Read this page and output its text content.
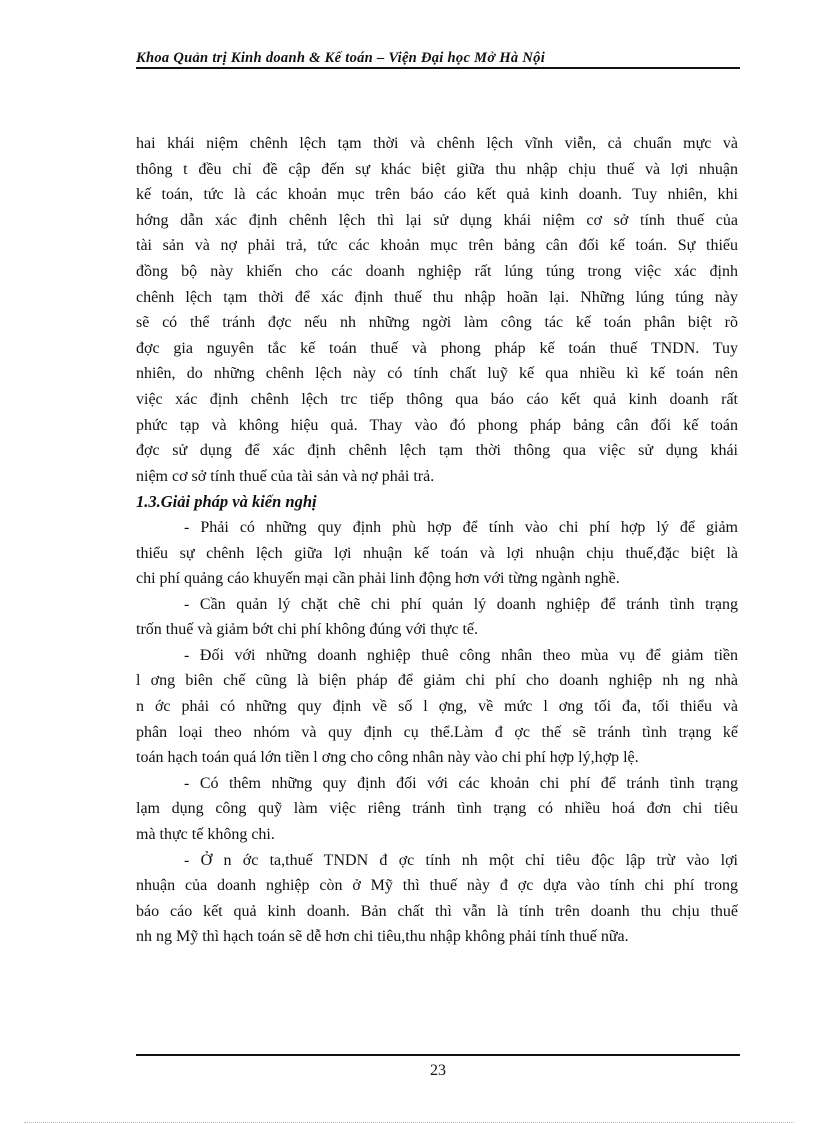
Khoa Quản trị Kinh doanh & Kế toán – Viện Đại học Mở Hà Nội
hai khái niệm chênh lệch tạm thời và chênh lệch vĩnh viễn, cả chuẩn mực và
thông t đều chỉ đề cập đến sự khác biệt giữa thu nhập chịu thuế và lợi nhuận
kế toán, tức là các khoản mục trên báo cáo kết quả kinh doanh. Tuy nhiên, khi
hớng dẫn xác định chênh lệch thì lại sử dụng khái niệm cơ sở tính thuế của
tài sản và nợ phải trả, tức các khoản mục trên bảng cân đối kế toán. Sự thiếu
đồng bộ này khiến cho các doanh nghiệp rất lúng túng trong việc xác định
chênh lệch tạm thời để xác định thuế thu nhập hoãn lại. Những lúng túng này
sẽ có thể tránh đợc nếu nh những ngời làm công tác kế toán phân biệt rõ
đợc gia nguyên tắc kế toán thuế và phong pháp kế toán thuế TNDN. Tuy
nhiên, do những chênh lệch này có tính chất luỹ kế qua nhiều kì kế toán nên
việc xác định chênh lệch trc tiếp thông qua báo cáo kết quả kinh doanh rất
phức tạp và không hiệu quả. Thay vào đó phong pháp bảng cân đối kế toán
đợc sử dụng để xác định chênh lệch tạm thời thông qua việc sử dụng khái
niệm cơ sở tính thuế của tài sản và nợ phải trả.
1.3.Giải pháp và kiến nghị
- Phải có những quy định phù hợp để tính vào chi phí hợp lý để giảm
thiểu sự chênh lệch giữa lợi nhuận kế toán và lợi nhuận chịu thuế,đặc biệt là
chi phí quảng cáo khuyến mại cần phải linh động hơn với từng ngành nghề.
- Cần quản lý chặt chẽ chi phí quản lý doanh nghiệp để tránh tình trạng
trốn thuế và giảm bớt chi phí không đúng với thực tế.
- Đối với những doanh nghiệp thuê công nhân theo mùa vụ để giảm tiền
l ơng biên chế cũng là biện pháp để giảm chi phí cho doanh nghiệp nh ng nhà
n ớc phải có những quy định về số l ợng, về mức l ơng tối đa, tối thiểu và
phân loại theo nhóm và quy định cụ thể.Làm đ ợc thế sẽ tránh tình trạng kế
toán hạch toán quá lớn tiền l ơng cho công nhân này vào chi phí hợp lý,hợp lệ.
- Có thêm những quy định đối với các khoản chi phí để tránh tình trạng
lạm dụng công quỹ làm việc riêng tránh tình trạng có nhiều hoá đơn chi tiêu
mà thực tế không chi.
- Ở n ớc ta,thuế TNDN đ ợc tính nh một chỉ tiêu độc lập trừ vào lợi
nhuận của doanh nghiệp còn ở Mỹ thì thuế này đ ợc dựa vào tính chi phí trong
báo cáo kết quả kinh doanh. Bản chất thì vẫn là tính trên doanh thu chịu thuế
nh ng Mỹ thì hạch toán sẽ dễ hơn chi tiêu,thu nhập không phải tính thuế nữa.
23
